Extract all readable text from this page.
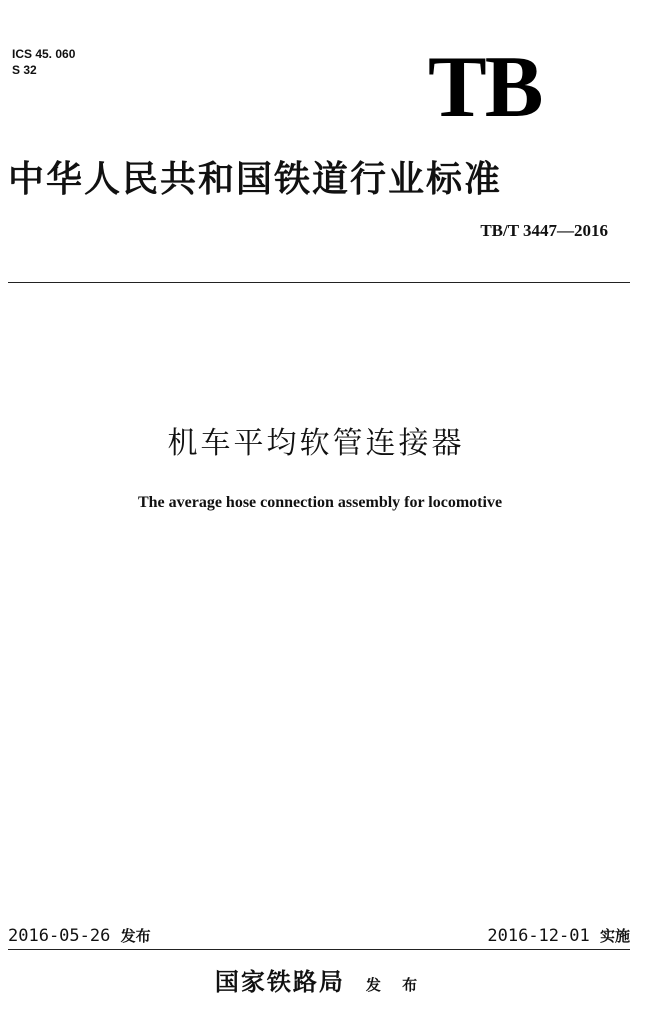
ICS 45. 060
S 32	TB
中华人民共和国铁道行业标准
TB/T 3447—2016
机车平均软管连接器
The average hose connection assembly for locomotive
2016-05-26 发布	2016-12-01 实施
国家铁路局 发 布
